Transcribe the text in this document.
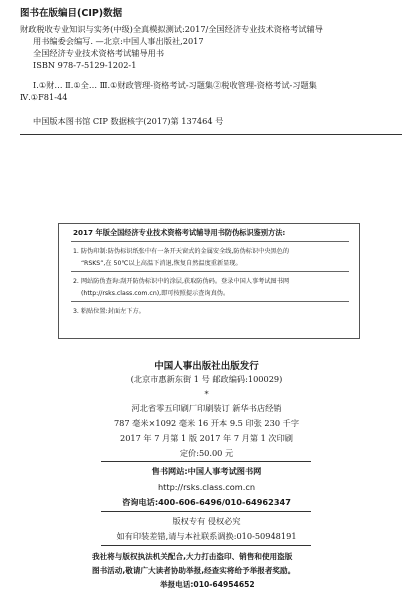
图书在版编目(CIP)数据
财政税收专业知识与实务(中级)全真模拟测试:2017/全国经济专业技术资格考试辅导
用书编委会编写. —北京:中国人事出版社,2017
全国经济专业技术资格考试辅导用书
ISBN 978-7-5129-1202-1
Ⅰ.①财… Ⅱ.①全… Ⅲ.①财政管理-资格考试-习题集②税收管理-资格考试-习题集
Ⅳ.①F81-44
中国版本图书馆 CIP 数据核字(2017)第 137464 号
2017 年版全国经济专业技术资格考试辅导用书防伪标识鉴别方法:
1. 防伪印制:防伪标识纸张中有一条开天窗式的金属安全线,防伪标识中央黑色的
“RSKS”,在 50℃以上高温下消退,恢复自然温度重新显现。
2. 网站防伪查询:刮开防伪标识中的涂层,获取防伪码。登录中国人事考试图书网
(http://rsks.class.com.cn),即可按照提示查询真伪。
3. 粘贴位置:封面左下方。
中国人事出版社出版发行
(北京市惠新东街 1 号 邮政编码:100029)
*
河北省零五印刷厂印刷装订 新华书店经销
787 毫米×1092 毫米 16 开本 9.5 印张 230 千字
2017 年 7 月第 1 版 2017 年 7 月第 1 次印刷
定价:50.00 元
售书网站:中国人事考试图书网
http://rsks.class.com.cn
咨询电话:400-606-6496/010-64962347
版权专有 侵权必究
如有印装差错,请与本社联系调换:010-50948191
我社将与版权执法机关配合,大力打击盗印、销售和使用盗版
图书活动,敬请广大读者协助举报,经查实将给予举报者奖励。
举报电话:010-64954652
